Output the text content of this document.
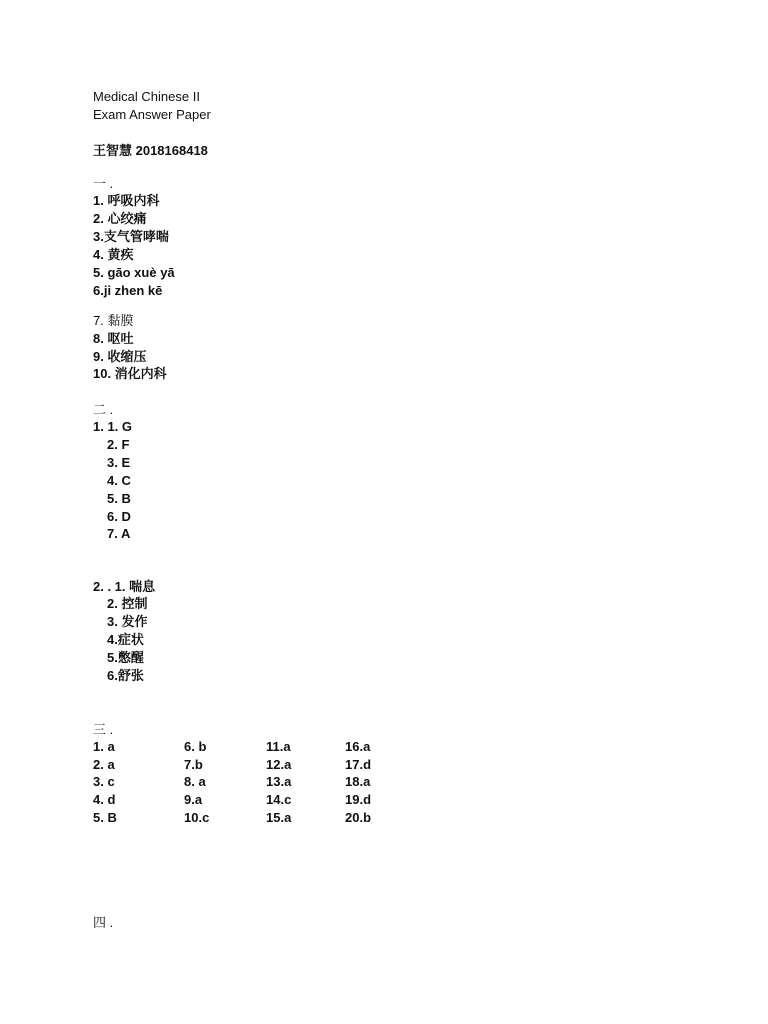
Medical Chinese II
Exam Answer Paper
王智慧 2018168418
一 .
1. 呼吸内科
2. 心绞痛
3.支气管哮喘
4. 黄疾
5. gāo xuè yā
6.ji zhen kē
7. 黏膜
8. 呕吐
9. 收缩压
10. 消化内科
二 .
1. 1. G
2. F
3. E
4. C
5. B
6. D
7. A
2. . 1. 喘息
2. 控制
3. 发作
4.症状
5.憋醒
6.舒张
三 .
1. a
2. a
3. c
4. d
5. B
6. b
7.b
8. a
9.a
10.c
11.a
12.a
13.a
14.c
15.a
16.a
17.d
18.a
19.d
20.b
四 .
